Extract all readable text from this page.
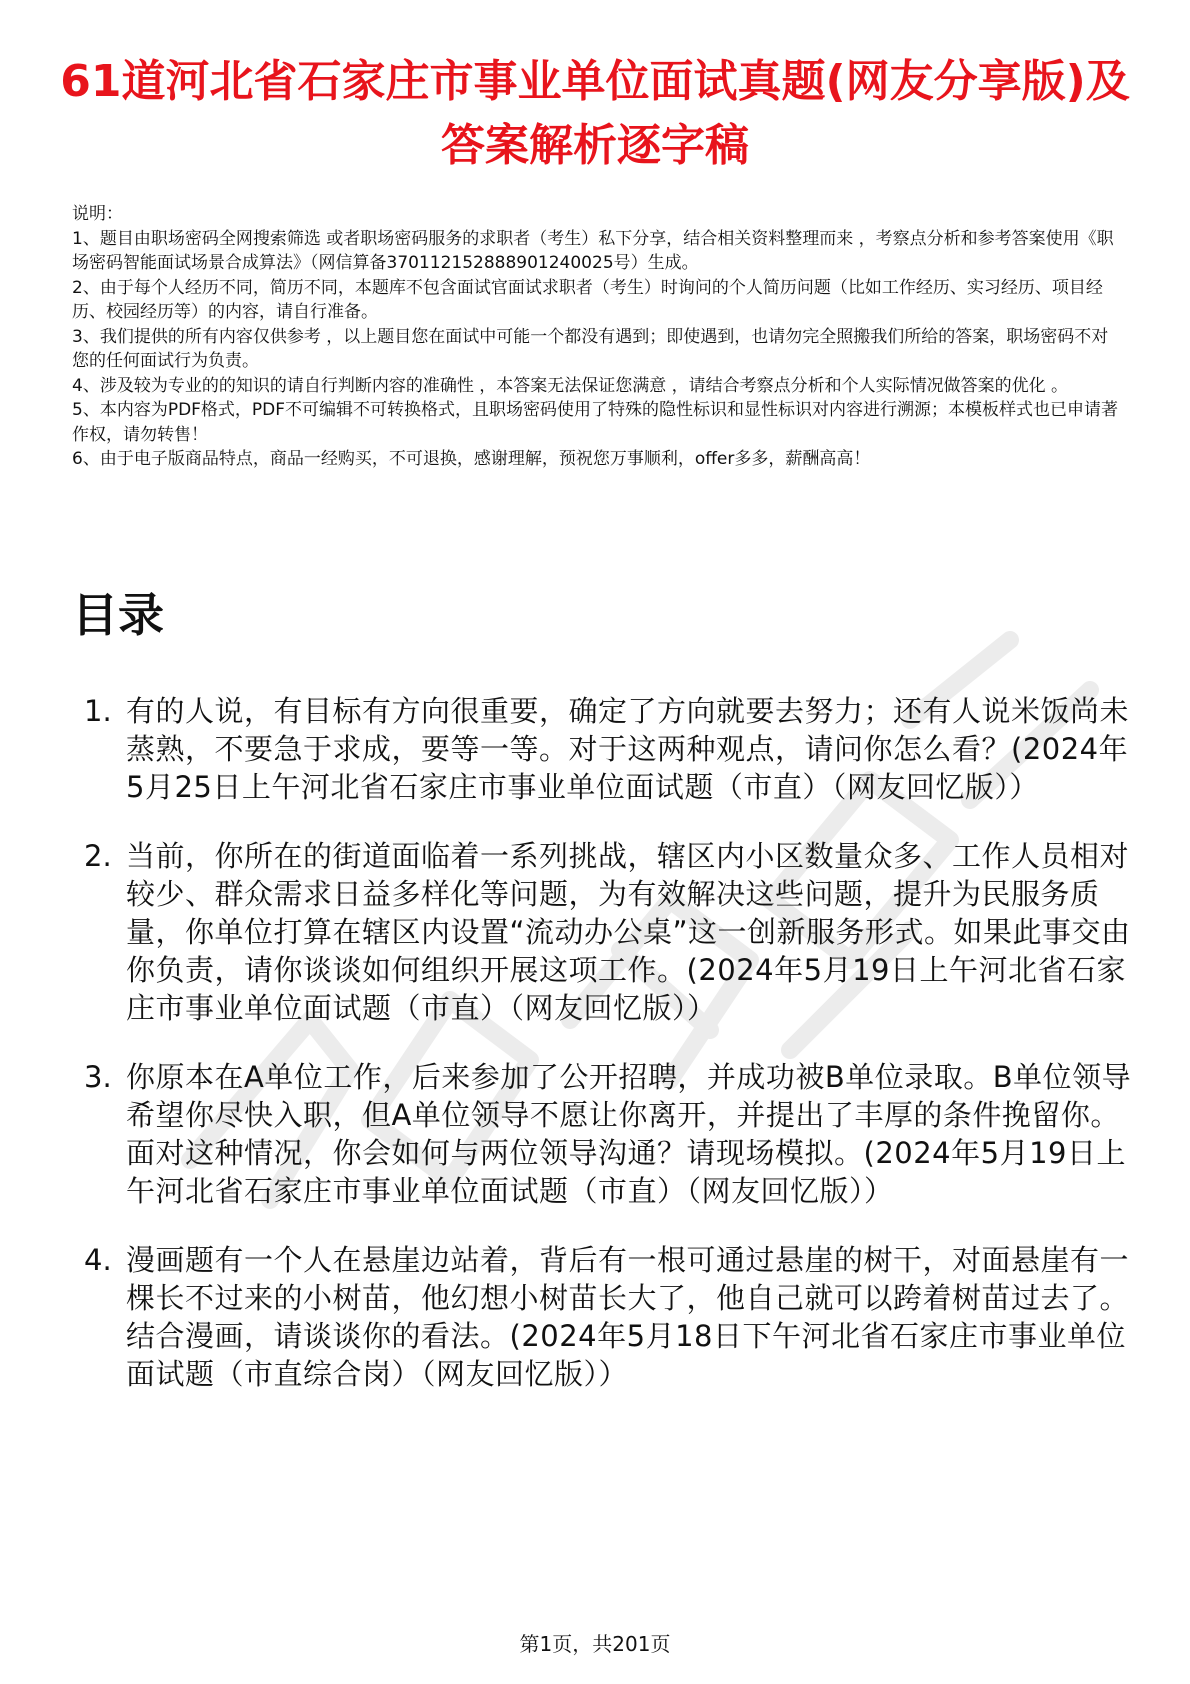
61道河北省石家庄市事业单位面试真题(网友分享版)及答案解析逐字稿

说明：

1、题目由职场密码全网搜索筛选 或者职场密码服务的求职者（考生）私下分享，结合相关资料整理而来 ，考察点分析和参考答案使用《职场密码智能面试场景合成算法》（网信算备370112152888901240025号）生成。

2、由于每个人经历不同，简历不同，本题库不包含面试官面试求职者（考生）时询问的个人简历问题（比如工作经历、实习经历、项目经历、校园经历等）的内容，请自行准备。

3、我们提供的所有内容仅供参考 ，以上题目您在面试中可能一个都没有遇到；即使遇到，也请勿完全照搬我们所给的答案，职场密码不对您的任何面试行为负责。

4、涉及较为专业的的知识的请自行判断内容的准确性 ，本答案无法保证您满意 ，请结合考察点分析和个人实际情况做答案的优化 。

5、本内容为PDF格式，PDF不可编辑不可转换格式，且职场密码使用了特殊的隐性标识和显性标识对内容进行溯源；本模板样式也已申请著作权，请勿转售！

6、由于电子版商品特点，商品一经购买，不可退换，感谢理解，预祝您万事顺利，offer多多，薪酬高高！

目录
1. 有的人说，有目标有方向很重要，确定了方向就要去努力；还有人说米饭尚未蒸熟，不要急于求成，要等一等。对于这两种观点，请问你怎么看？(2024年5月25日上午河北省石家庄市事业单位面试题（市直）（网友回忆版））
2. 当前，你所在的街道面临着一系列挑战，辖区内小区数量众多、工作人员相对较少、群众需求日益多样化等问题，为有效解决这些问题，提升为民服务质量，你单位打算在辖区内设置“流动办公桌”这一创新服务形式。如果此事交由你负责，请你谈谈如何组织开展这项工作。(2024年5月19日上午河北省石家庄市事业单位面试题（市直）（网友回忆版））
3. 你原本在A单位工作，后来参加了公开招聘，并成功被B单位录取。B单位领导希望你尽快入职，但A单位领导不愿让你离开，并提出了丰厚的条件挽留你。面对这种情况，你会如何与两位领导沟通？请现场模拟。(2024年5月19日上午河北省石家庄市事业单位面试题（市直）（网友回忆版））
4. 漫画题有一个人在悬崖边站着，背后有一根可通过悬崖的树干，对面悬崖有一棵长不过来的小树苗，他幻想小树苗长大了，他自己就可以跨着树苗过去了。结合漫画，请谈谈你的看法。(2024年5月18日下午河北省石家庄市事业单位面试题（市直综合岗）（网友回忆版））
第1页，共201页
